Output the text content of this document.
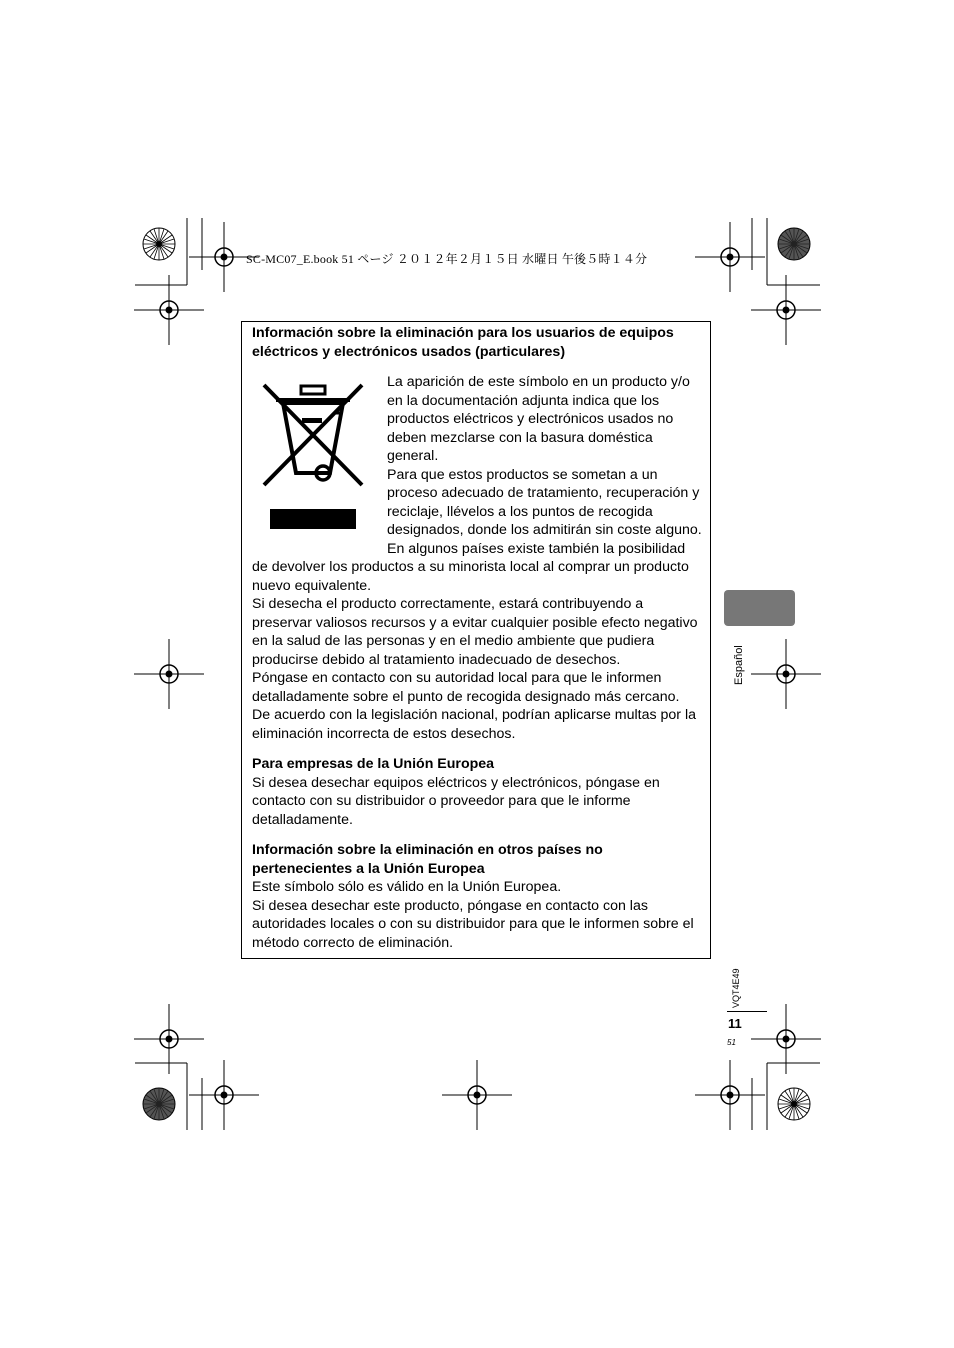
SC-MC07_E.book 51 ページ ２０１２年２月１５日 水曜日 午後５時１４分

Información sobre la eliminación para los usuarios de equipos eléctricos y electrónicos usados (particulares)

La aparición de este símbolo en un producto y/o en la documentación adjunta indica que los productos eléctricos y electrónicos usados no deben mezclarse con la basura doméstica general.
Para que estos productos se sometan a un proceso adecuado de tratamiento, recuperación y reciclaje, llévelos a los puntos de recogida designados, donde los admitirán sin coste alguno. En algunos países existe también la posibilidad de devolver los productos a su minorista local al comprar un producto nuevo equivalente.

Si desecha el producto correctamente, estará contribuyendo a preservar valiosos recursos y a evitar cualquier posible efecto negativo en la salud de las personas y en el medio ambiente que pudiera producirse debido al tratamiento inadecuado de desechos.

Póngase en contacto con su autoridad local para que le informen detalladamente sobre el punto de recogida designado más cercano.

De acuerdo con la legislación nacional, podrían aplicarse multas por la eliminación incorrecta de estos desechos.

Para empresas de la Unión Europea

Si desea desechar equipos eléctricos y electrónicos, póngase en contacto con su distribuidor o proveedor para que le informe detalladamente.

Información sobre la eliminación en otros países no pertenecientes a la Unión Europea

Este símbolo sólo es válido en la Unión Europea.

Si desea desechar este producto, póngase en contacto con las autoridades locales o con su distribuidor para que le informen sobre el método correcto de eliminación.

Español
VQT4E49
11
51
